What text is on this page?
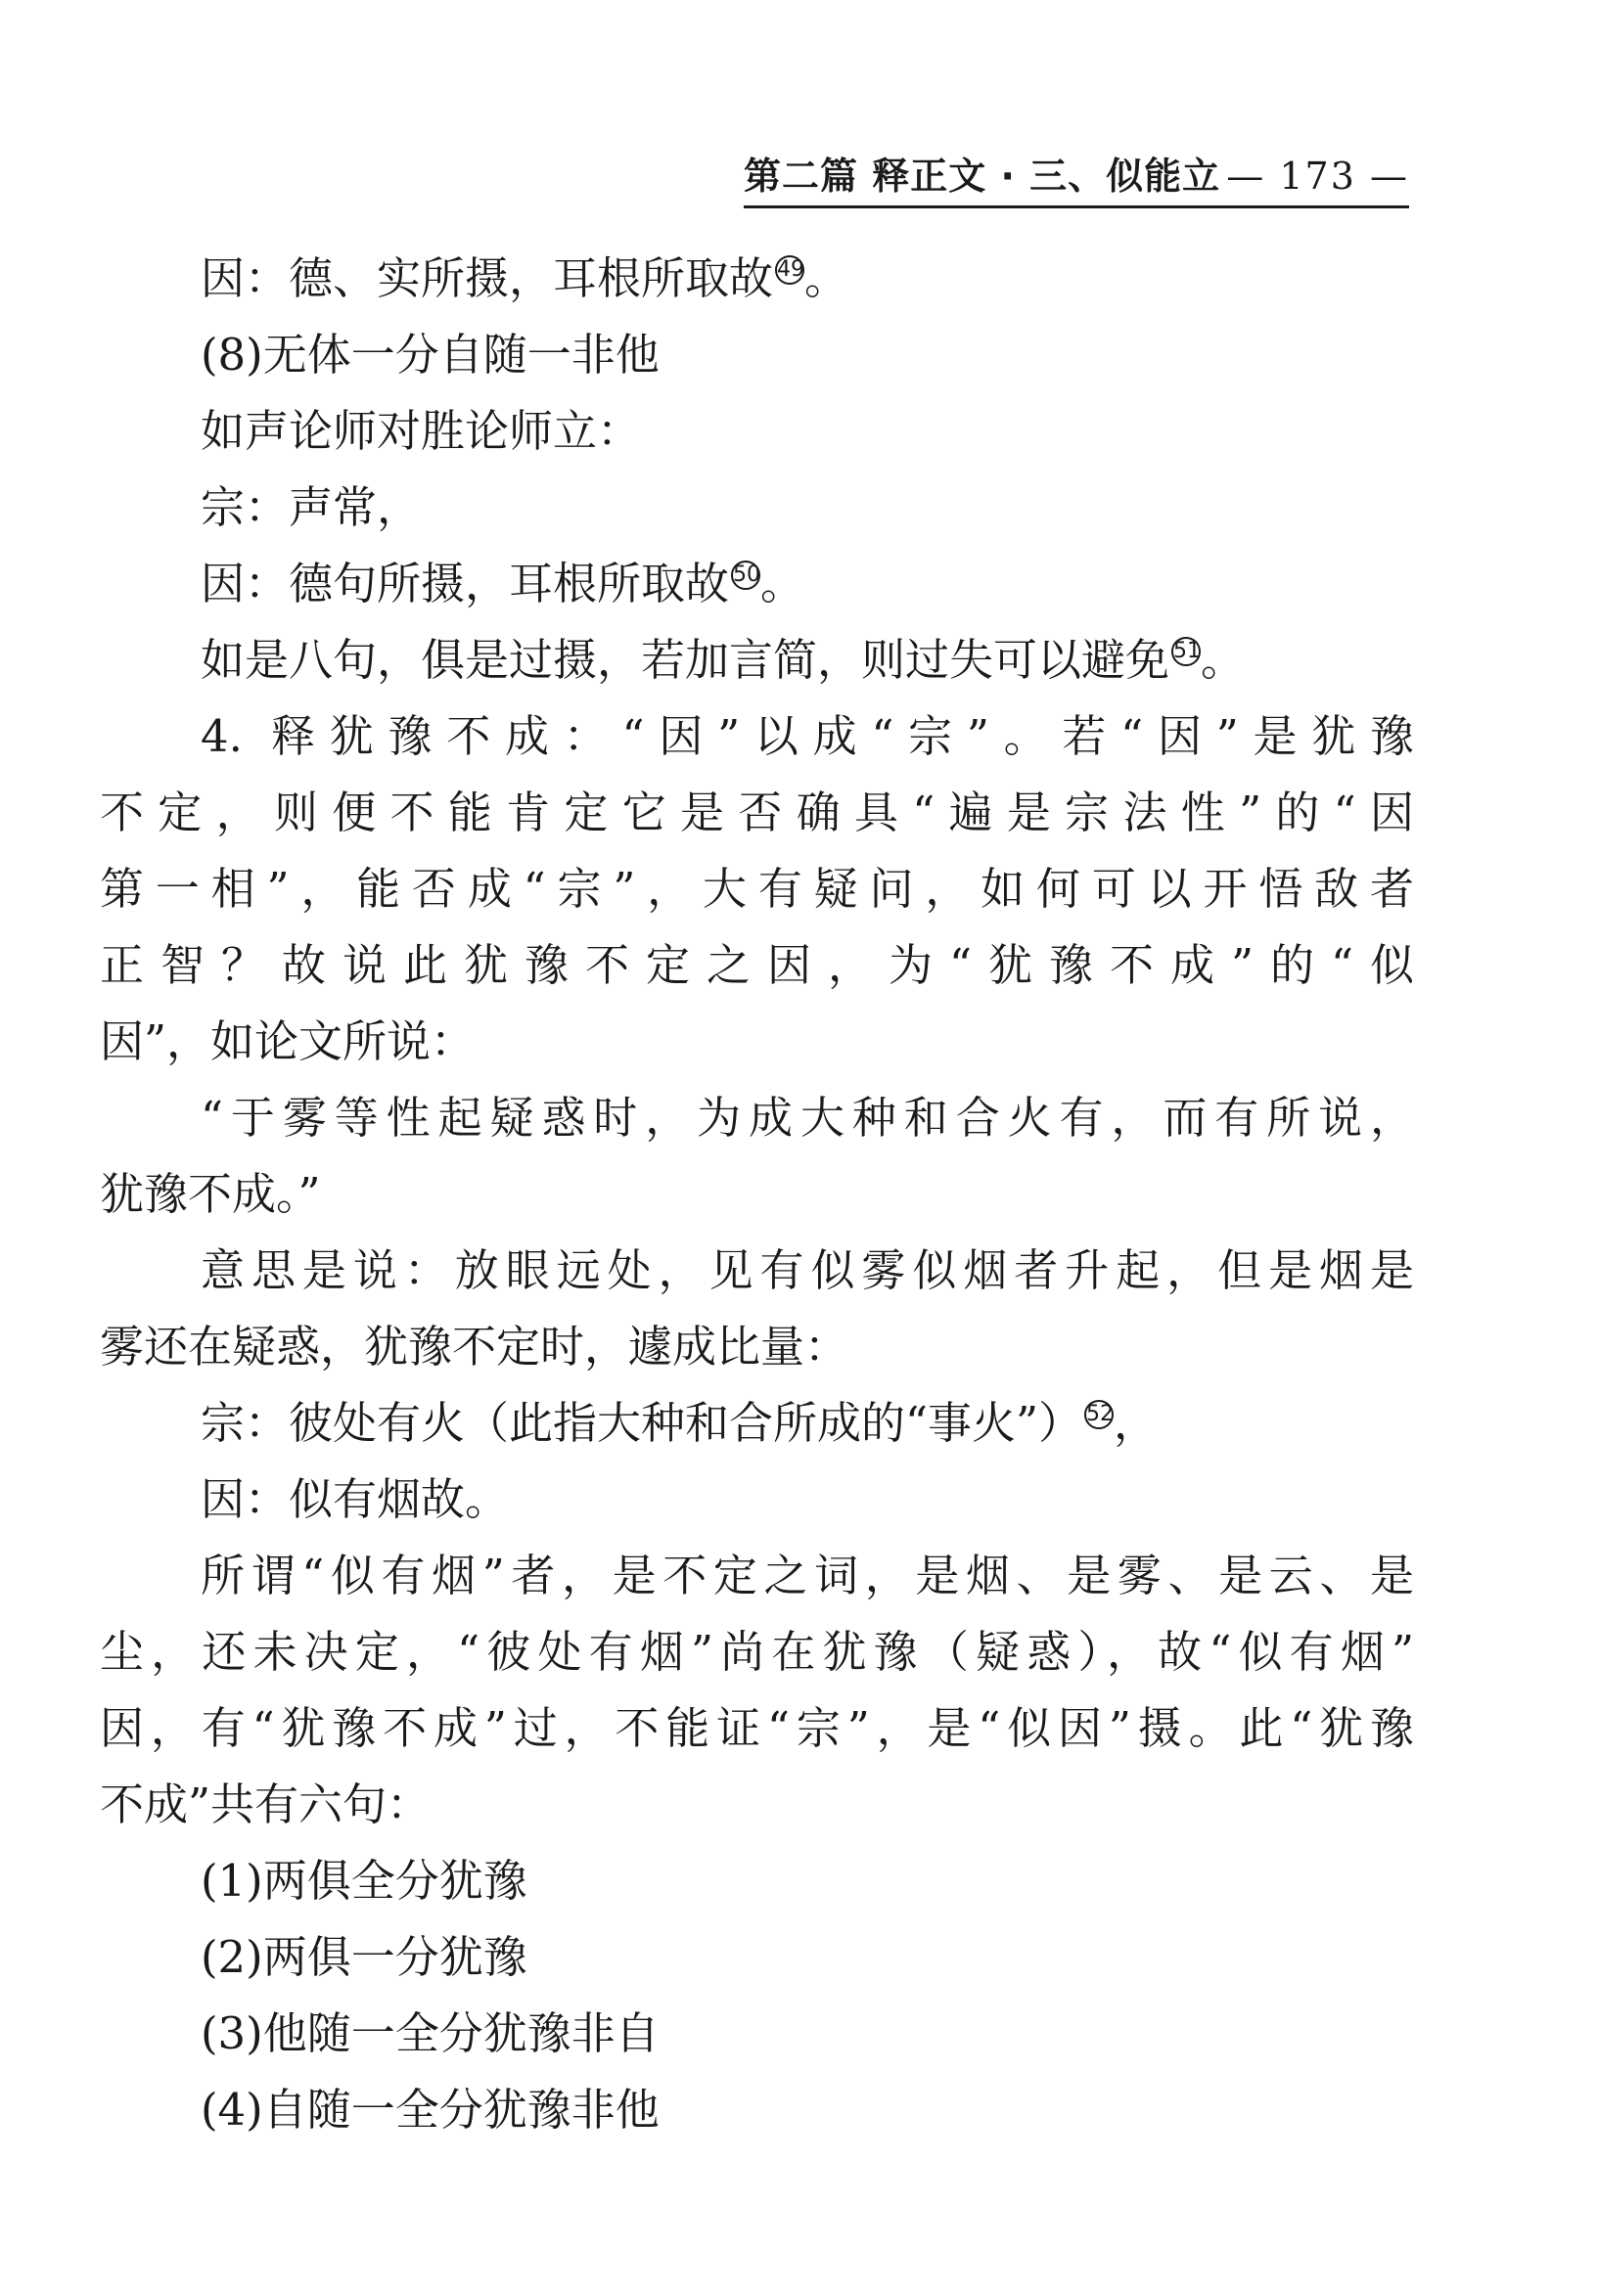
第二篇 释正文 · 三、似能立 — 173 —
因：德、实所摄，耳根所取故 49。
(8)无体一分自随一非他
如声论师对胜论师立：
宗：声常，
因：德句所摄，耳根所取故 50。
如是八句，俱是过摄，若加言简，则过失可以避免 51。
4. 释犹豫不成：“因”以成“宗”。若“因”是犹豫
不定，则便不能肯定它是否确具“遍是宗法性”的“因
第一相”，能否成“宗”，大有疑问，如何可以开悟敌者
正智？故说此犹豫不定之因，为“犹豫不成”的“似
因”，如论文所说：
“于雾等性起疑惑时，为成大种和合火有，而有所说，
犹豫不成。”
意思是说：放眼远处，见有似雾似烟者升起，但是烟是
雾还在疑惑，犹豫不定时，遽成比量：
宗：彼处有火（此指大种和合所成的“事火”） 52，
因：似有烟故。
所谓“似有烟”者，是不定之词，是烟、是雾、是云、是
尘，还未决定，“彼处有烟”尚在犹豫（疑惑），故“似有烟”
因，有“犹豫不成”过，不能证“宗”，是“似因”摄。此“犹豫
不成”共有六句：
(1)两俱全分犹豫
(2)两俱一分犹豫
(3)他随一全分犹豫非自
(4)自随一全分犹豫非他
